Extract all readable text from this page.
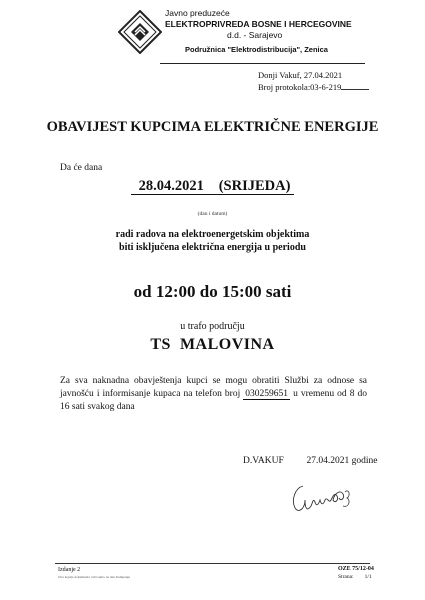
Javno preduzeće
ELEKTROPRIVREDA BOSNE I HERCEGOVINE
d.d. - Sarajevo
Podružnica "Elektrodistribucija", Zenica
Donji Vakuf, 27.04.2021
Broj protokola:03-6-219
OBAVIJEST KUPCIMA ELEKTRIČNE ENERGIJE
Da će dana
28.04.2021 (SRIJEDA)
(dan i datum)
radi radova na elektroenergetskim objektima
biti isključena električna energija u periodu
od 12:00 do 15:00 sati
u trafo području
TS  MALOVINA
Za sva naknadna obavještenja kupci se mogu obratiti Službi za odnose sa javnošću i informisanje kupaca na telefon broj 030259651 u vremenu od 8 do 16 sati svakog dana
D.VAKUF 27.04.2021 godine
Izdanje 2
Ova kopija dokumenta važi samo na dan štampanja
OZE 75/12-04
Strana:        1/1
